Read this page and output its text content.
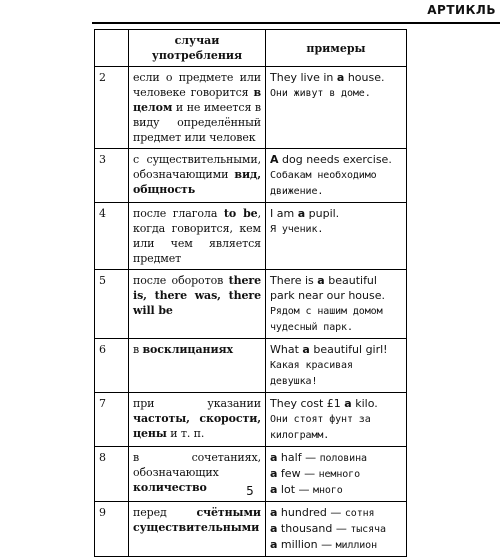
АРТИКЛЬ
	случаи употребления	примеры
2	если о предмете или человеке говорится в целом и не имеется в виду определённый предмет или человек	They live in a house.
Они живут в доме.

3	с существительными, обозначающими вид, общность	A dog needs exercise.
Собакам необходимо движение.

4	после глагола to be, когда говорится, кем или чем является предмет	I am a pupil.
Я ученик.

5	после оборотов there is, there was, there will be	There is a beautiful park near our house.
Рядом с нашим домом чудесный парк.

6	в восклицаниях	What a beautiful girl!
Какая красивая девушка!

7	при указании частоты, скорости, цены и т. п.	They cost £1 a kilo.
Они стоят фунт за килограмм.

8	в сочетаниях, обозначающих количество	a half — половина
a few — немного
a lot — много

9	перед счётными существительными	a hundred — сотня
a thousand — тысяча
a million — миллион
5
